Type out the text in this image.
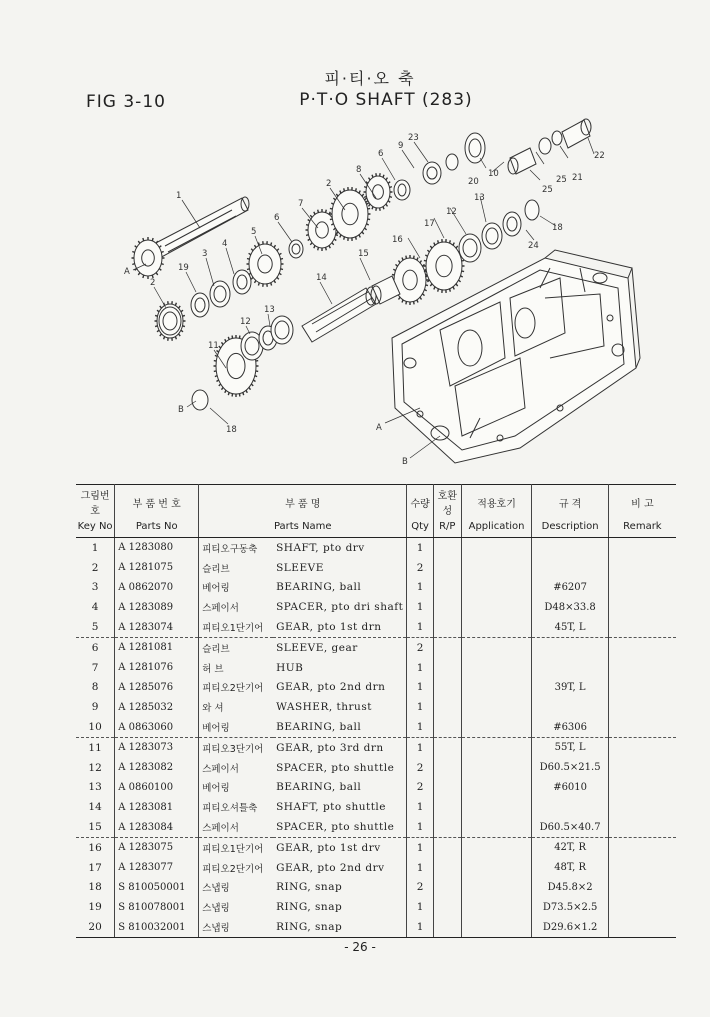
FIG 3-10
피·티·오 축
P·T·O SHAFT (283)
1
2
2
3
4
5
6
6
7
8
9
10
11
12
12
13
13
14
15
16
17	18
18
19
20	21
22
23
24
25
25
A
A
B
B
그림번호	부 품 번 호	부 품 명		수량	호환성	적용호기	규 격	비 고
Key No	Parts No	Parts Name		Qty	R/P	Application	Description	Remark
1	A 1283080	피티오구동축	SHAFT, pto drv	1				
2	A 1281075	슬리브	SLEEVE	2				
3	A 0862070	베어링	BEARING, ball	1			#6207	
4	A 1283089	스페이서	SPACER, pto dri shaft	1			D48×33.8	
5	A 1283074	피티오1단기어	GEAR, pto 1st drn	1			45T, L	
6	A 1281081	슬리브	SLEEVE, gear	2				
7	A 1281076	허 브	HUB	1				
8	A 1285076	피티오2단기어	GEAR, pto 2nd drn	1			39T, L	
9	A 1285032	와 셔	WASHER, thrust	1				
10	A 0863060	베어링	BEARING, ball	1			#6306	
11	A 1283073	피티오3단기어	GEAR, pto 3rd drn	1			55T, L	
12	A 1283082	스페이서	SPACER, pto shuttle	2			D60.5×21.5	
13	A 0860100	베어링	BEARING, ball	2			#6010	
14	A 1283081	피티오셔틀축	SHAFT, pto shuttle	1				
15	A 1283084	스페이서	SPACER, pto shuttle	1			D60.5×40.7	
16	A 1283075	피티오1단기어	GEAR, pto 1st drv	1			42T, R	
17	A 1283077	피티오2단기어	GEAR, pto 2nd drv	1			48T, R	
18	S 810050001	스냅링	RING, snap	2			D45.8×2	
19	S 810078001	스냅링	RING, snap	1			D73.5×2.5	
20	S 810032001	스냅링	RING, snap	1			D29.6×1.2	
- 26 -
